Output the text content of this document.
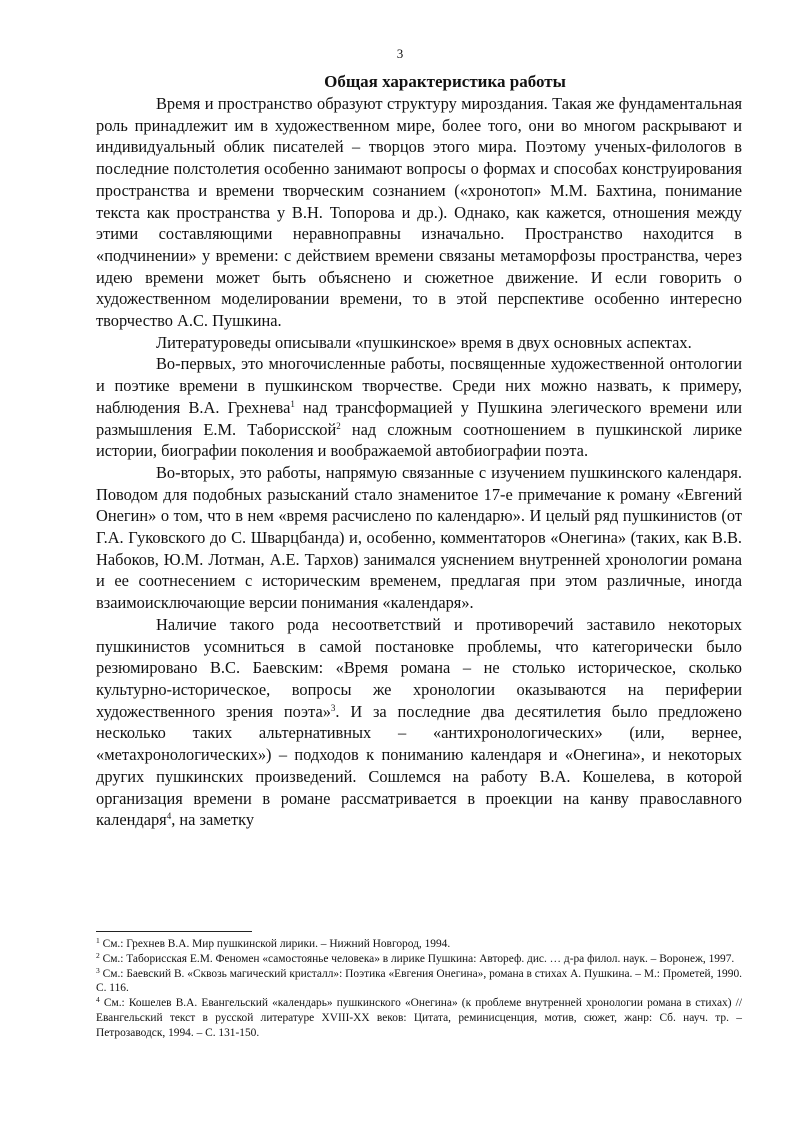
3
Общая характеристика работы

Время и пространство образуют структуру мироздания. Такая же фундаментальная роль принадлежит им в художественном мире, более того, они во многом раскрывают и индивидуальный облик писателей – творцов этого мира. Поэтому ученых-филологов в последние полстолетия особенно занимают вопросы о формах и способах конструирования пространства и времени творческим сознанием («хронотоп» М.М. Бахтина, понимание текста как пространства у В.Н. Топорова и др.). Однако, как кажется, отношения между этими составляющими неравноправны изначально. Пространство находится в «подчинении» у времени: с действием времени связаны метаморфозы пространства, через идею времени может быть объяснено и сюжетное движение. И если говорить о художественном моделировании времени, то в этой перспективе особенно интересно творчество А.С. Пушкина.

Литературоведы описывали «пушкинское» время в двух основных аспектах.

Во-первых, это многочисленные работы, посвященные художественной онтологии и поэтике времени в пушкинском творчестве. Среди них можно назвать, к примеру, наблюдения В.А. Грехнева$^1$ над трансформацией у Пушкина элегического времени или размышления Е.М. Таборисской$^2$ над сложным соотношением в пушкинской лирике истории, биографии поколения и воображаемой автобиографии поэта.

Во-вторых, это работы, напрямую связанные с изучением пушкинского календаря. Поводом для подобных разысканий стало знаменитое 17-е примечание к роману «Евгений Онегин» о том, что в нем «время расчислено по календарю». И целый ряд пушкинистов (от Г.А. Гуковского до С. Шварцбанда) и, особенно, комментаторов «Онегина» (таких, как В.В. Набоков, Ю.М. Лотман, А.Е. Тархов) занимался уяснением внутренней хронологии романа и ее соотнесением с историческим временем, предлагая при этом различные, иногда взаимоисключающие версии понимания «календаря».

Наличие такого рода несоответствий и противоречий заставило некоторых пушкинистов усомниться в самой постановке проблемы, что категорически было резюмировано В.С. Баевским: «Время романа – не столько историческое, сколько культурно-историческое, вопросы же хронологии оказываются на периферии художественного зрения поэта»$^3$. И за последние два десятилетия было предложено несколько таких альтернативных – «антихронологических» (или, вернее, «метахронологических») – подходов к пониманию календаря и «Онегина», и некоторых других пушкинских произведений. Сошлемся на работу В.А. Кошелева, в которой организация времени в романе рассматривается в проекции на канву православного календаря$^4$, на заметку

$^1$ См.: Грехнев В.А. Мир пушкинской лирики. – Нижний Новгород, 1994.

$^2$ См.: Таборисская Е.М. Феномен «самостоянье человека» в лирике Пушкина: Автореф. дис. … д-ра филол. наук. – Воронеж, 1997.

$^3$ См.: Баевский В. «Сквозь магический кристалл»: Поэтика «Евгения Онегина», романа в стихах А. Пушкина. – М.: Прометей, 1990. С. 116.

$^4$ См.: Кошелев В.А. Евангельский «календарь» пушкинского «Онегина» (к проблеме внутренней хронологии романа в стихах) // Евангельский текст в русской литературе XVIII-XX веков: Цитата, реминисценция, мотив, сюжет, жанр: Сб. науч. тр. – Петрозаводск, 1994. – С. 131-150.
